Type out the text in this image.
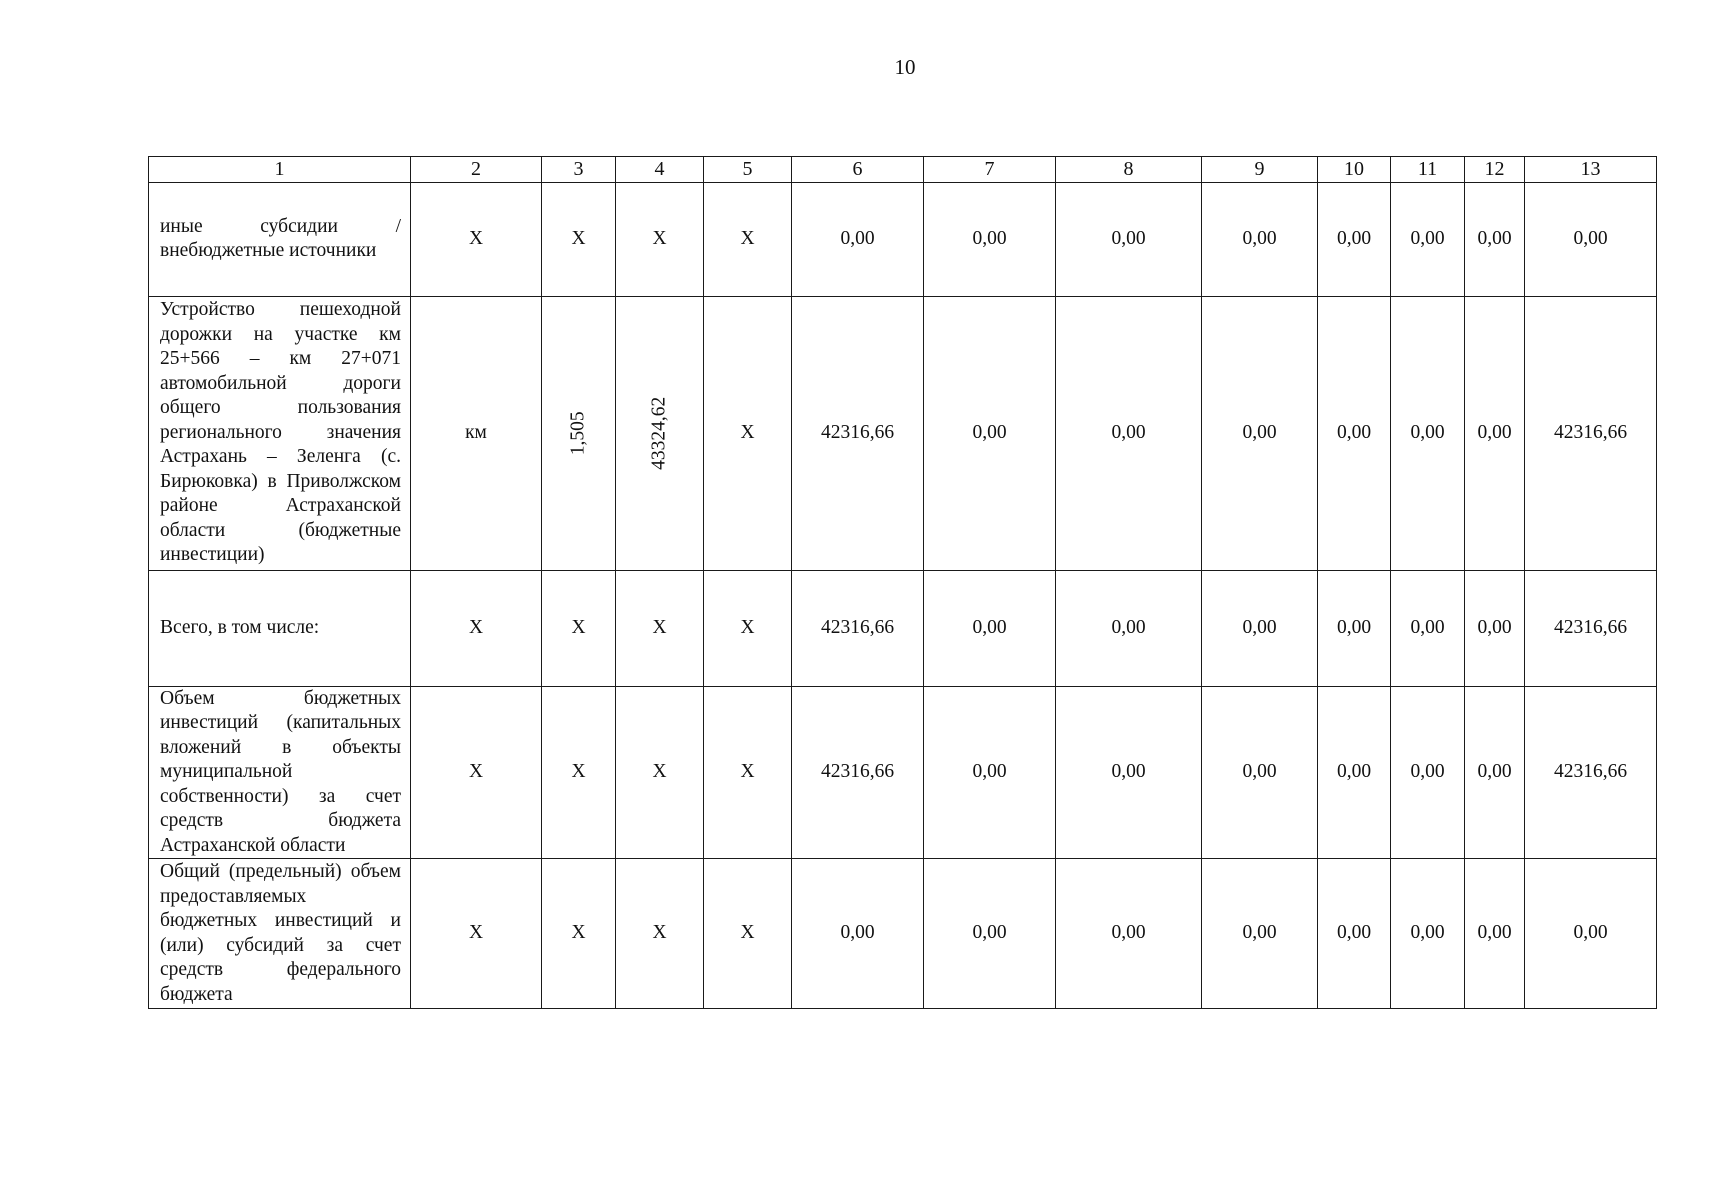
10
1	2	3	4	5	6	7	8	9	10	11	12	13
иные субсидии / внебюджетные источники	X	X	X	X	0,00	0,00	0,00	0,00	0,00	0,00	0,00	0,00
Устройство пешеходной дорожки на участке км 25+566 – км 27+071 автомобильной дороги общего пользования регионального значения Астрахань – Зеленга (с. Бирюковка) в Приволжском районе Астраханской области (бюджетные инвестиции)	км	1,505	43324,62	X	42316,66	0,00	0,00	0,00	0,00	0,00	0,00	42316,66
Всего, в том числе:	X	X	X	X	42316,66	0,00	0,00	0,00	0,00	0,00	0,00	42316,66
Объем бюджетных инвестиций (капитальных вложений в объекты муниципальной собственности) за счет средств бюджета Астраханской области	X	X	X	X	42316,66	0,00	0,00	0,00	0,00	0,00	0,00	42316,66
Общий (предельный) объем предоставляемых бюджетных инвестиций и (или) субсидий за счет средств федерального бюджета	X	X	X	X	0,00	0,00	0,00	0,00	0,00	0,00	0,00	0,00
